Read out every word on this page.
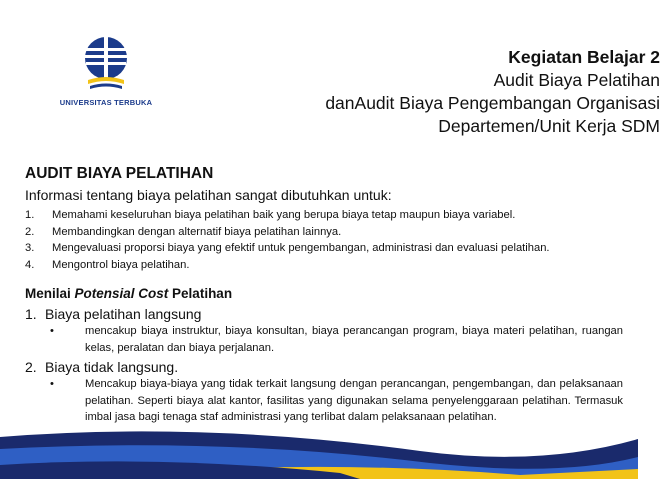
UNIVERSITAS TERBUKA
Kegiatan Belajar 2
Audit Biaya Pelatihan
danAudit Biaya Pengembangan Organisasi
Departemen/Unit Kerja SDM
AUDIT BIAYA PELATIHAN
Informasi tentang biaya pelatihan sangat dibutuhkan untuk:
1. Memahami keseluruhan biaya pelatihan baik yang berupa biaya tetap maupun biaya variabel.
2. Membandingkan dengan alternatif biaya pelatihan lainnya.
3. Mengevaluasi proporsi biaya yang efektif untuk pengembangan, administrasi dan evaluasi pelatihan.
4. Mengontrol biaya pelatihan.
Menilai Potensial Cost Pelatihan
1. Biaya pelatihan langsung
•	mencakup biaya instruktur, biaya konsultan, biaya perancangan program, biaya materi pelatihan, ruangan kelas, peralatan dan biaya perjalanan.
2. Biaya tidak langsung.
•	Mencakup biaya-biaya yang tidak terkait langsung dengan perancangan, pengembangan, dan pelaksanaan pelatihan. Seperti biaya alat kantor, fasilitas yang digunakan selama penyelenggaraan pelatihan. Termasuk imbal jasa bagi tenaga staf administrasi yang terlibat dalam pelaksanaan pelatihan.
